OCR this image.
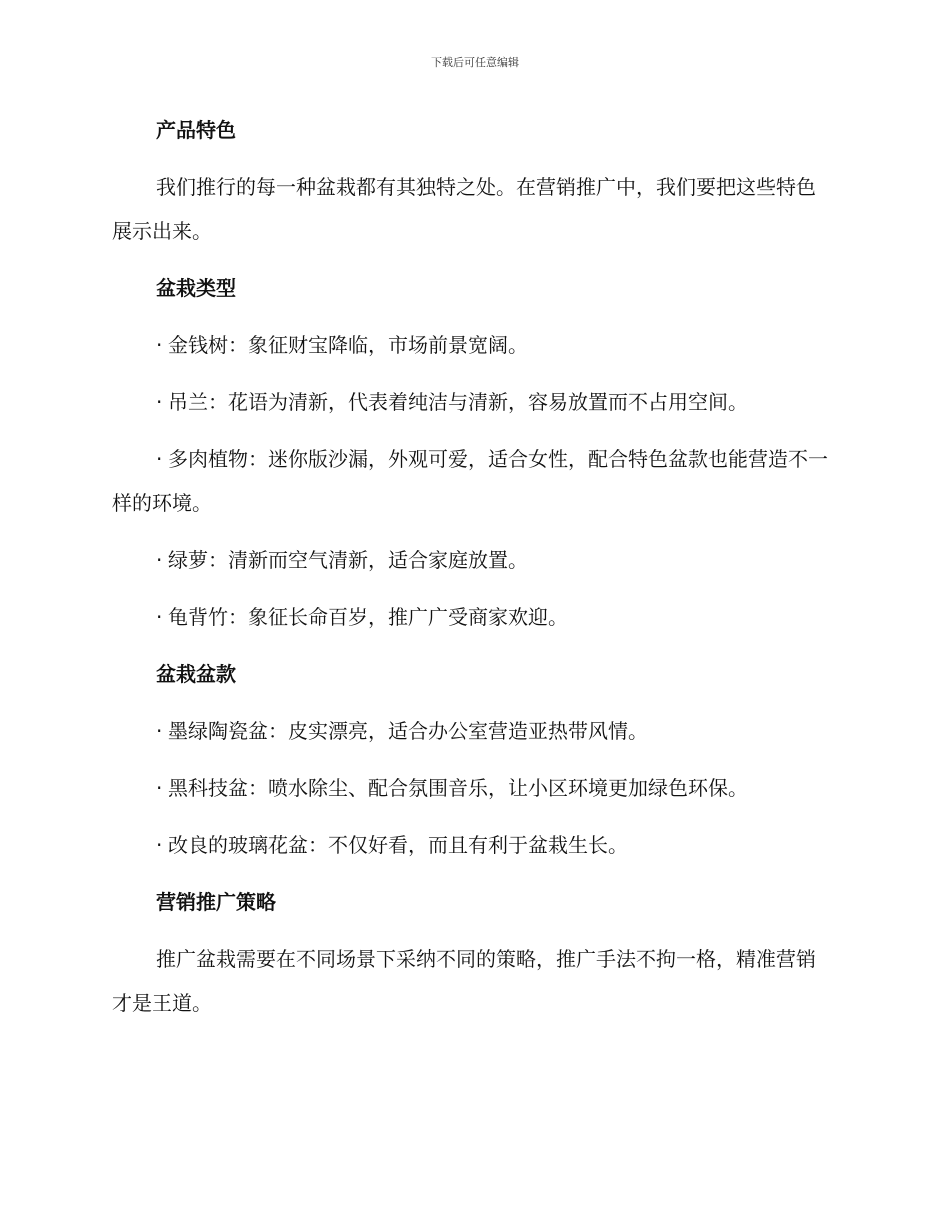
下载后可任意编辑
产品特色
我们推行的每一种盆栽都有其独特之处。在营销推广中，我们要把这些特色展示出来。
盆栽类型
· 金钱树：象征财宝降临，市场前景宽阔。
· 吊兰：花语为清新，代表着纯洁与清新，容易放置而不占用空间。
· 多肉植物：迷你版沙漏，外观可爱，适合女性，配合特色盆款也能营造不一样的环境。
· 绿萝：清新而空气清新，适合家庭放置。
· 龟背竹：象征长命百岁，推广广受商家欢迎。
盆栽盆款
· 墨绿陶瓷盆：皮实漂亮，适合办公室营造亚热带风情。
· 黑科技盆：喷水除尘、配合氛围音乐，让小区环境更加绿色环保。
· 改良的玻璃花盆：不仅好看，而且有利于盆栽生长。
营销推广策略
推广盆栽需要在不同场景下采纳不同的策略，推广手法不拘一格，精准营销才是王道。
